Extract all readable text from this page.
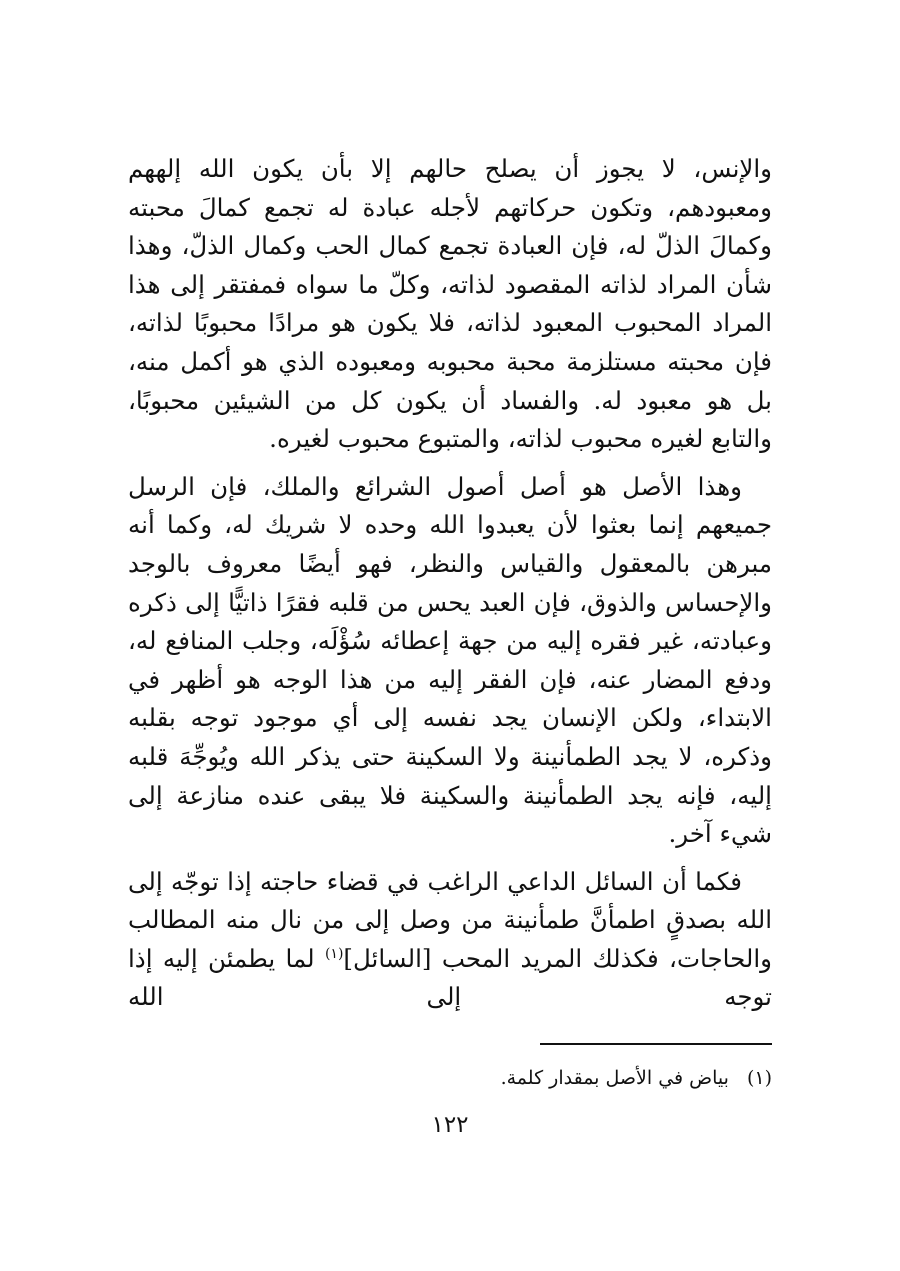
والإنس، لا يجوز أن يصلح حالهم إلا بأن يكون الله إلههم ومعبودهم، وتكون حركاتهم لأجله عبادة له تجمع كمالَ محبته وكمالَ الذلّ له، فإن العبادة تجمع كمال الحب وكمال الذلّ، وهذا شأن المراد لذاته المقصود لذاته، وكلّ ما سواه فمفتقر إلى هذا المراد المحبوب المعبود لذاته، فلا يكون هو مرادًا محبوبًا لذاته، فإن محبته مستلزمة محبة محبوبه ومعبوده الذي هو أكمل منه، بل هو معبود له. والفساد أن يكون كل من الشيئين محبوبًا، والتابع لغيره محبوب لذاته، والمتبوع محبوب لغيره.

وهذا الأصل هو أصل أصول الشرائع والملك، فإن الرسل جميعهم إنما بعثوا لأن يعبدوا الله وحده لا شريك له، وكما أنه مبرهن بالمعقول والقياس والنظر، فهو أيضًا معروف بالوجد والإحساس والذوق، فإن العبد يحس من قلبه فقرًا ذاتيًّا إلى ذكره وعبادته، غير فقره إليه من جهة إعطائه سُؤْلَه، وجلب المنافع له، ودفع المضار عنه، فإن الفقر إليه من هذا الوجه هو أظهر في الابتداء، ولكن الإنسان يجد نفسه إلى أي موجود توجه بقلبه وذكره، لا يجد الطمأنينة ولا السكينة حتى يذكر الله ويُوجِّهَ قلبه إليه، فإنه يجد الطمأنينة والسكينة فلا يبقى عنده منازعة إلى شيء آخر.

فكما أن السائل الداعي الراغب في قضاء حاجته إذا توجّه إلى الله بصدقٍ اطمأنَّ طمأنينة من وصل إلى من نال منه المطالب والحاجات، فكذلك المريد المحب [السائل]$^{(١)}$ لما يطمئن إليه إذا توجه إلى الله

(١)بياض في الأصل بمقدار كلمة.
١٢٢
